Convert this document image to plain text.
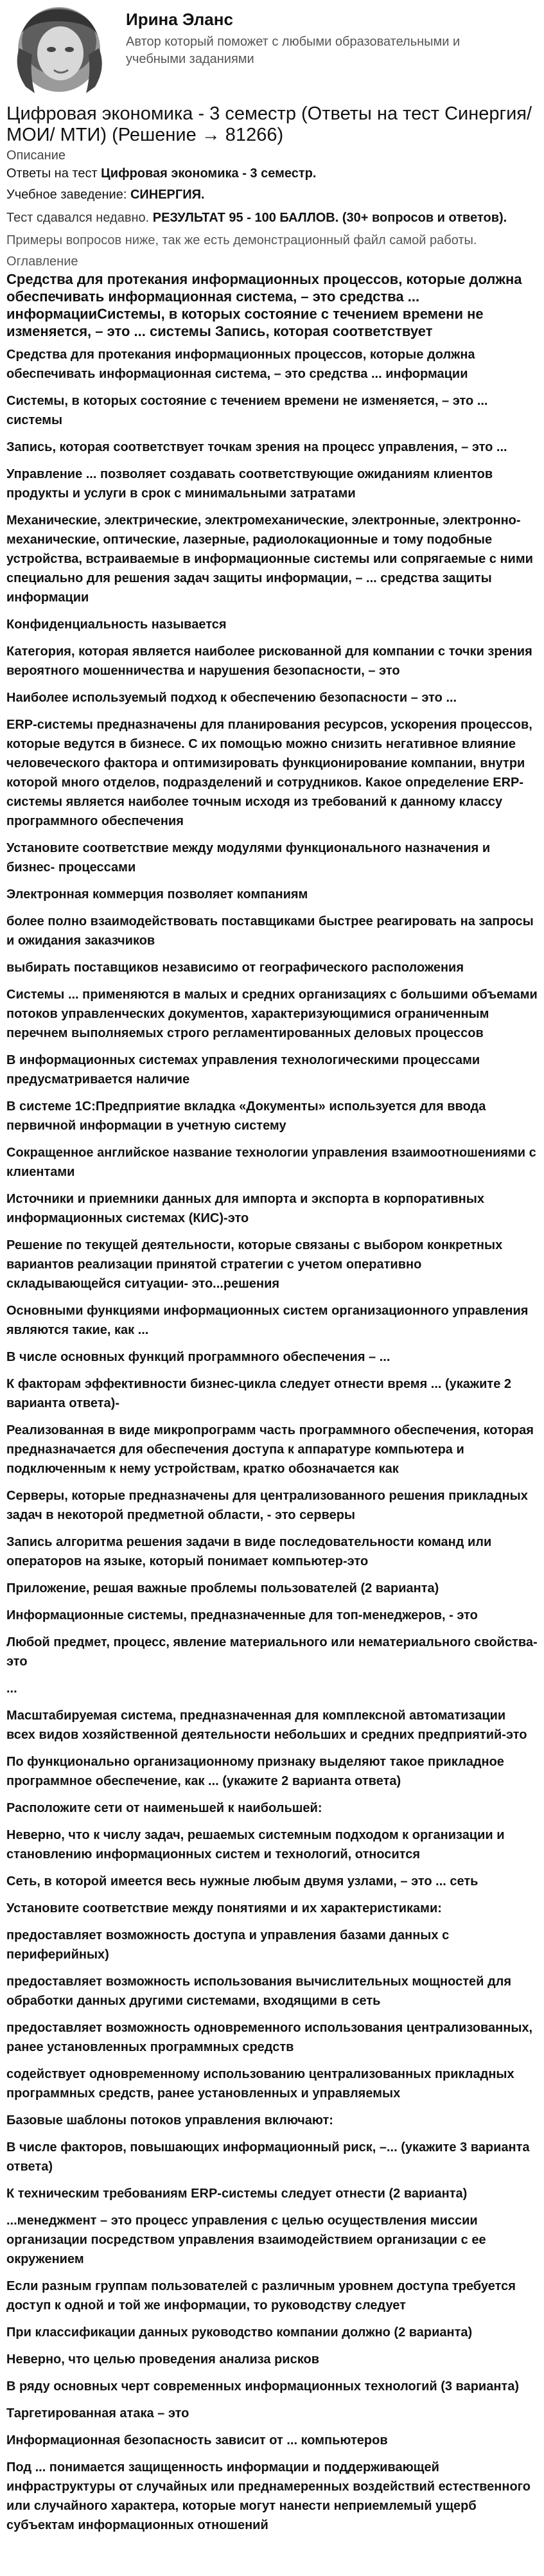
Ирина Эланс
Автор который поможет с любыми образовательными и учебными заданиями
Цифровая экономика - 3 семестр (Ответы на тест Синергия/МОИ/ МТИ) (Решение → 81266)
Описание
Ответы на тест Цифровая экономика - 3 семестр.
Учебное заведение: СИНЕРГИЯ.
Тест сдавался недавно. РЕЗУЛЬТАТ 95 - 100 БАЛЛОВ. (30+ вопросов и ответов).
Примеры вопросов ниже, так же есть демонстрационный файл самой работы.
Оглавление
Средства для протекания информационных процессов, которые должна обеспечивать информационная система, – это средства ... информацииСистемы, в которых состояние с течением времени не изменяется, – это ... системы Запись, которая соответствует
Средства для протекания информационных процессов, которые должна обеспечивать информационная система, – это средства ... информации
Системы, в которых состояние с течением времени не изменяется, – это ... системы
Запись, которая соответствует точкам зрения на процесс управления, – это ...
Управление ... позволяет создавать соответствующие ожиданиям клиентов продукты и услуги в срок с минимальными затратами
Механические, электрические, электромеханические, электронные, электронно- механические, оптические, лазерные, радиолокационные и тому подобные устройства, встраиваемые в информационные системы или сопрягаемые с ними специально для решения задач защиты информации, – ... средства защиты информации
Конфиденциальность называется
Категория, которая является наиболее рискованной для компании с точки зрения вероятного мошенничества и нарушения безопасности, – это
Наиболее используемый подход к обеспечению безопасности – это ...
ERP-системы предназначены для планирования ресурсов, ускорения процессов, которые ведутся в бизнесе. С их помощью можно снизить негативное влияние человеческого фактора и оптимизировать функционирование компании, внутри которой много отделов, подразделений и сотрудников. Какое определение ERP-системы является наиболее точным исходя из требований к данному классу программного обеспечения
Установите соответствие между модулями функционального назначения и бизнес- процессами
Электронная коммерция позволяет компаниям
более полно взаимодействовать поставщиками быстрее реагировать на запросы и ожидания заказчиков
выбирать поставщиков независимо от географического расположения
Системы ... применяются в малых и средних организациях с большими объемами потоков управленческих документов, характеризующимися ограниченным перечнем выполняемых строго регламентированных деловых процессов
В информационных системах управления технологическими процессами предусматривается наличие
В системе 1С:Предприятие вкладка «Документы» используется для ввода первичной информации в учетную систему
Сокращенное английское название технологии управления взаимоотношениями с клиентами
Источники и приемники данных для импорта и экспорта в корпоративных информационных системах (КИС)-это
Решение по текущей деятельности, которые связаны с выбором конкретных вариантов реализации принятой стратегии с учетом оперативно складывающейся ситуации- это...решения
Основными функциями информационных систем организационного управления являются такие, как ...
В числе основных функций программного обеспечения – ...
К факторам эффективности бизнес-цикла следует отнести время ... (укажите 2 варианта ответа)-
Реализованная в виде микропрограмм часть программного обеспечения, которая предназначается для обеспечения доступа к аппаратуре компьютера и подключенным к нему устройствам, кратко обозначается как
Серверы, которые предназначены для централизованного решения прикладных задач в некоторой предметной области, - это серверы
Запись алгоритма решения задачи в виде последовательности команд или операторов на языке, который понимает компьютер-это
Приложение, решая важные проблемы пользователей (2 варианта)
Информационные системы, предназначенные для топ-менеджеров, - это
Любой предмет, процесс, явление материального или нематериального свойства- это
...
Масштабируемая система, предназначенная для комплексной автоматизации всех видов хозяйственной деятельности небольших и средних предприятий-это
По функционально организационному признаку выделяют такое прикладное программное обеспечение, как ... (укажите 2 варианта ответа)
Расположите сети от наименьшей к наибольшей:
Неверно, что к числу задач, решаемых системным подходом к организации и становлению информационных систем и технологий, относится
Сеть, в которой имеется весь нужные любым двумя узлами, – это ... сеть
Установите соответствие между понятиями и их характеристиками:
предоставляет возможность доступа и управления базами данных с периферийных)
предоставляет возможность использования вычислительных мощностей для обработки данных другими системами, входящими в сеть
предоставляет возможность одновременного использования централизованных, ранее установленных программных средств
содействует одновременному использованию централизованных прикладных программных средств, ранее установленных и управляемых
Базовые шаблоны потоков управления включают:
В числе факторов, повышающих информационный риск, –... (укажите 3 варианта ответа)
К техническим требованиям ERP-системы следует отнести (2 варианта)
...менеджмент – это процесс управления с целью осуществления миссии организации посредством управления взаимодействием организации с ее окружением
Если разным группам пользователей с различным уровнем доступа требуется доступ к одной и той же информации, то руководству следует
При классификации данных руководство компании должно (2 варианта)
Неверно, что целью проведения анализа рисков
В ряду основных черт современных информационных технологий (3 варианта)
Таргетированная атака – это
Информационная безопасность зависит от ... компьютеров
Под ... понимается защищенность информации и поддерживающей инфраструктуры от случайных или преднамеренных воздействий естественного или случайного характера, которые могут нанести неприемлемый ущерб субъектам информационных отношений
